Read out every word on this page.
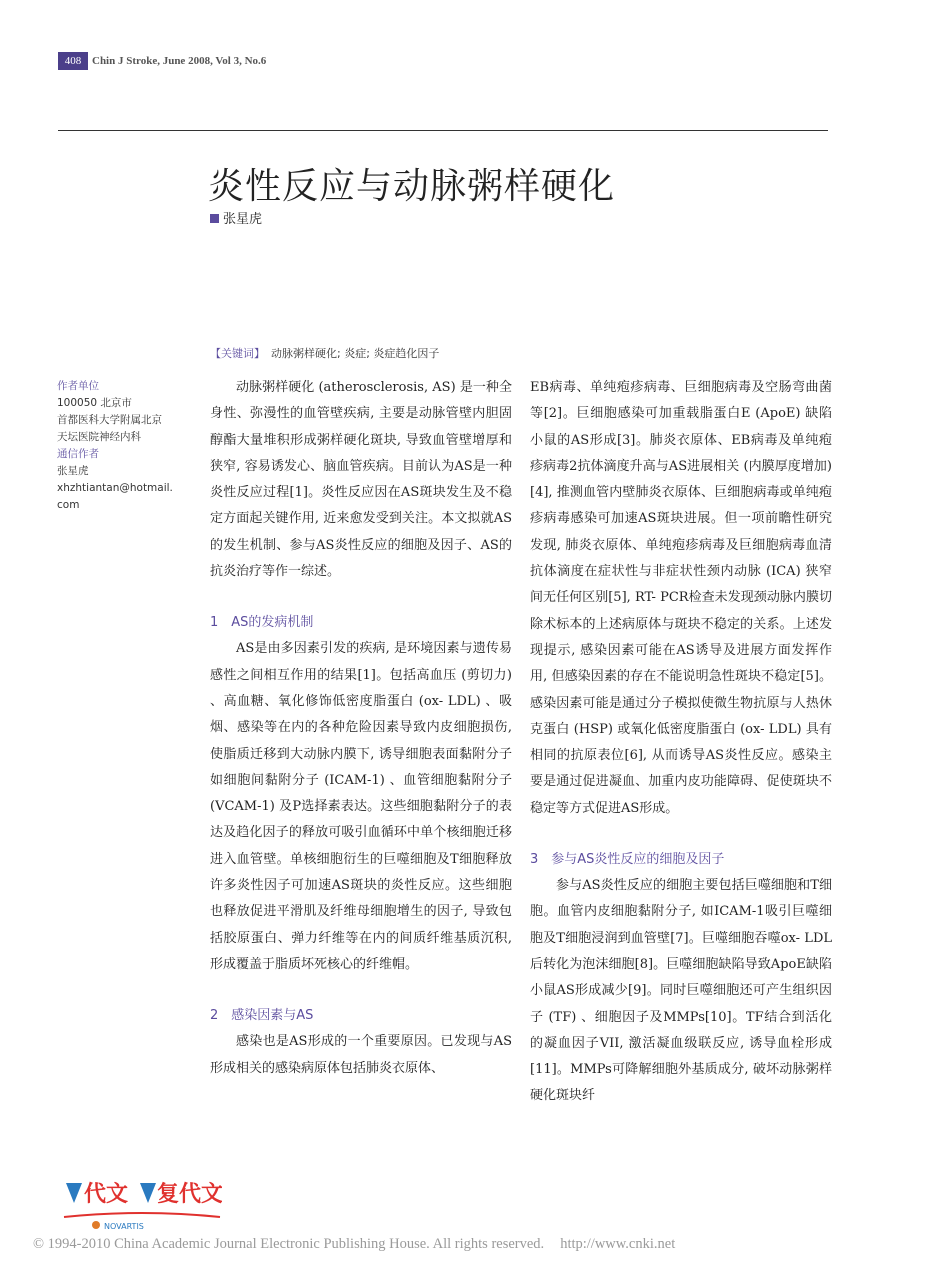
408 Chin J Stroke, June 2008, Vol 3, No.6
炎性反应与动脉粥样硬化
张星虎
【关键词】 动脉粥样硬化; 炎症; 炎症趋化因子
作者单位
100050 北京市
首都医科大学附属北京
天坛医院神经内科
通信作者
张星虎
xhzhtiantan@hotmail.
com

动脉粥样硬化 (atherosclerosis, AS) 是一种全身性、弥漫性的血管壁疾病, 主要是动脉管壁内胆固醇酯大量堆积形成粥样硬化斑块, 导致血管壁增厚和狭窄, 容易诱发心、脑血管疾病。目前认为AS是一种炎性反应过程[1]。炎性反应因在AS斑块发生及不稳定方面起关键作用, 近来愈发受到关注。本文拟就AS的发生机制、参与AS炎性反应的细胞及因子、AS的抗炎治疗等作一综述。

1　AS的发病机制

AS是由多因素引发的疾病, 是环境因素与遗传易感性之间相互作用的结果[1]。包括高血压 (剪切力) 、高血糖、氧化修饰低密度脂蛋白 (ox- LDL) 、吸烟、感染等在内的各种危险因素导致内皮细胞损伤, 使脂质迁移到大动脉内膜下, 诱导细胞表面黏附分子如细胞间黏附分子 (ICAM-1) 、血管细胞黏附分子 (VCAM-1) 及P选择素表达。这些细胞黏附分子的表达及趋化因子的释放可吸引血循环中单个核细胞迁移进入血管壁。单核细胞衍生的巨噬细胞及T细胞释放许多炎性因子可加速AS斑块的炎性反应。这些细胞也释放促进平滑肌及纤维母细胞增生的因子, 导致包括胶原蛋白、弹力纤维等在内的间质纤维基质沉积, 形成覆盖于脂质坏死核心的纤维帽。

2　感染因素与AS

感染也是AS形成的一个重要原因。已发现与AS形成相关的感染病原体包括肺炎衣原体、

EB病毒、单纯疱疹病毒、巨细胞病毒及空肠弯曲菌等[2]。巨细胞感染可加重载脂蛋白E (ApoE) 缺陷小鼠的AS形成[3]。肺炎衣原体、EB病毒及单纯疱疹病毒2抗体滴度升高与AS进展相关 (内膜厚度增加) [4], 推测血管内壁肺炎衣原体、巨细胞病毒或单纯疱疹病毒感染可加速AS斑块进展。但一项前瞻性研究发现, 肺炎衣原体、单纯疱疹病毒及巨细胞病毒血清抗体滴度在症状性与非症状性颈内动脉 (ICA) 狭窄间无任何区别[5], RT- PCR检查未发现颈动脉内膜切除术标本的上述病原体与斑块不稳定的关系。上述发现提示, 感染因素可能在AS诱导及进展方面发挥作用, 但感染因素的存在不能说明急性斑块不稳定[5]。感染因素可能是通过分子模拟使微生物抗原与人热休克蛋白 (HSP) 或氧化低密度脂蛋白 (ox- LDL) 具有相同的抗原表位[6], 从而诱导AS炎性反应。感染主要是通过促进凝血、加重内皮功能障碍、促使斑块不稳定等方式促进AS形成。

3　参与AS炎性反应的细胞及因子

参与AS炎性反应的细胞主要包括巨噬细胞和T细胞。血管内皮细胞黏附分子, 如ICAM-1吸引巨噬细胞及T细胞浸润到血管壁[7]。巨噬细胞吞噬ox- LDL后转化为泡沫细胞[8]。巨噬细胞缺陷导致ApoE缺陷小鼠AS形成减少[9]。同时巨噬细胞还可产生组织因子 (TF) 、细胞因子及MMPs[10]。TF结合到活化的凝血因子VII, 激活凝血级联反应, 诱导血栓形成[11]。MMPs可降解细胞外基质成分, 破坏动脉粥样硬化斑块纤

代文 复代文
NOVARTIS
© 1994-2010 China Academic Journal Electronic Publishing House. All rights reserved. http://www.cnki.net
